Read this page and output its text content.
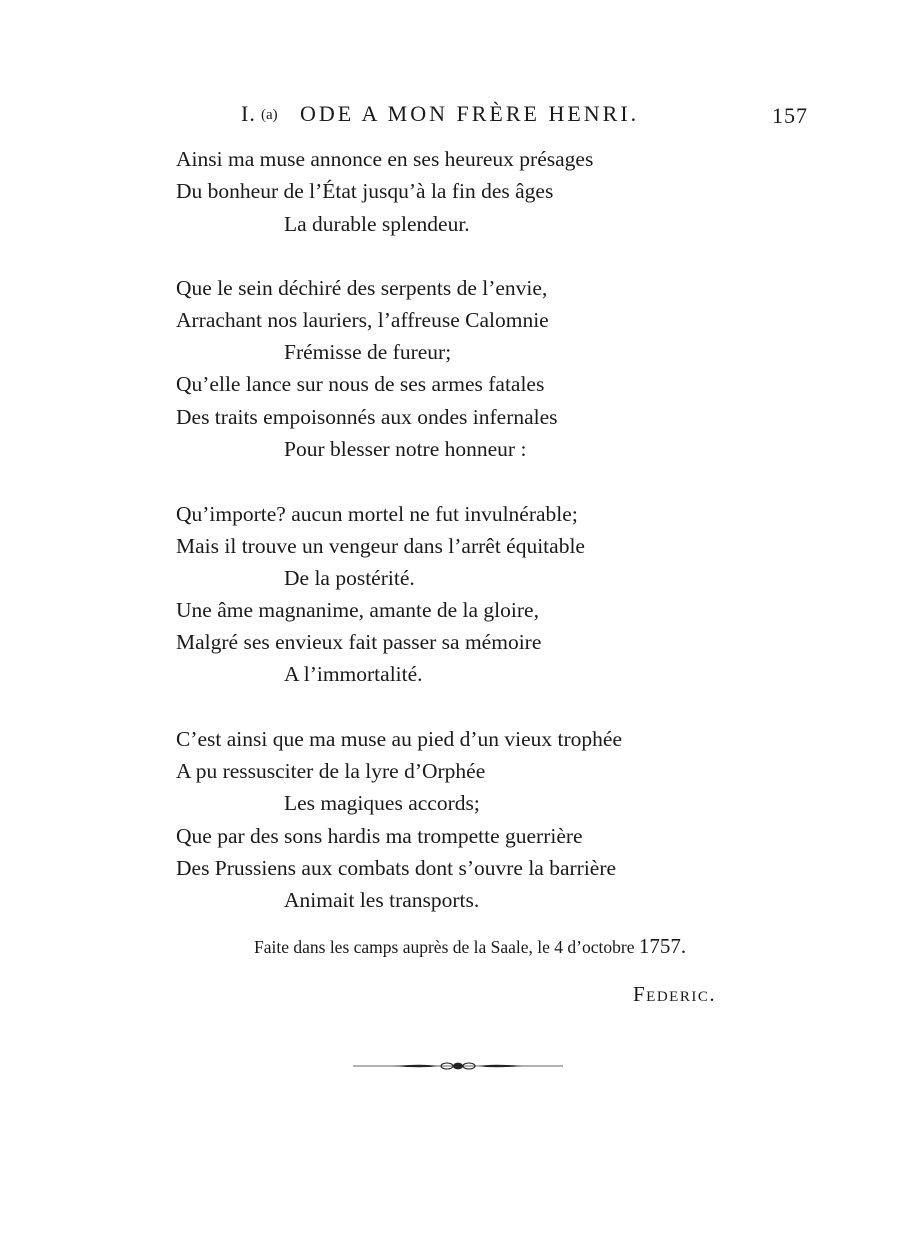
I. (a) ODE A MON FRÈRE HENRI.	157
Ainsi ma muse annonce en ses heureux présages
Du bonheur de l’État jusqu’à la fin des âges
La durable splendeur.
Que le sein déchiré des serpents de l’envie,
Arrachant nos lauriers, l’affreuse Calomnie
Frémisse de fureur;
Qu’elle lance sur nous de ses armes fatales
Des traits empoisonnés aux ondes infernales
Pour blesser notre honneur :
Qu’importe? aucun mortel ne fut invulnérable;
Mais il trouve un vengeur dans l’arrêt équitable
De la postérité.
Une âme magnanime, amante de la gloire,
Malgré ses envieux fait passer sa mémoire
A l’immortalité.
C’est ainsi que ma muse au pied d’un vieux trophée
A pu ressusciter de la lyre d’Orphée
Les magiques accords;
Que par des sons hardis ma trompette guerrière
Des Prussiens aux combats dont s’ouvre la barrière
Animait les transports.
Faite dans les camps auprès de la Saale, le 4 d’octobre 1757.
Federic.
